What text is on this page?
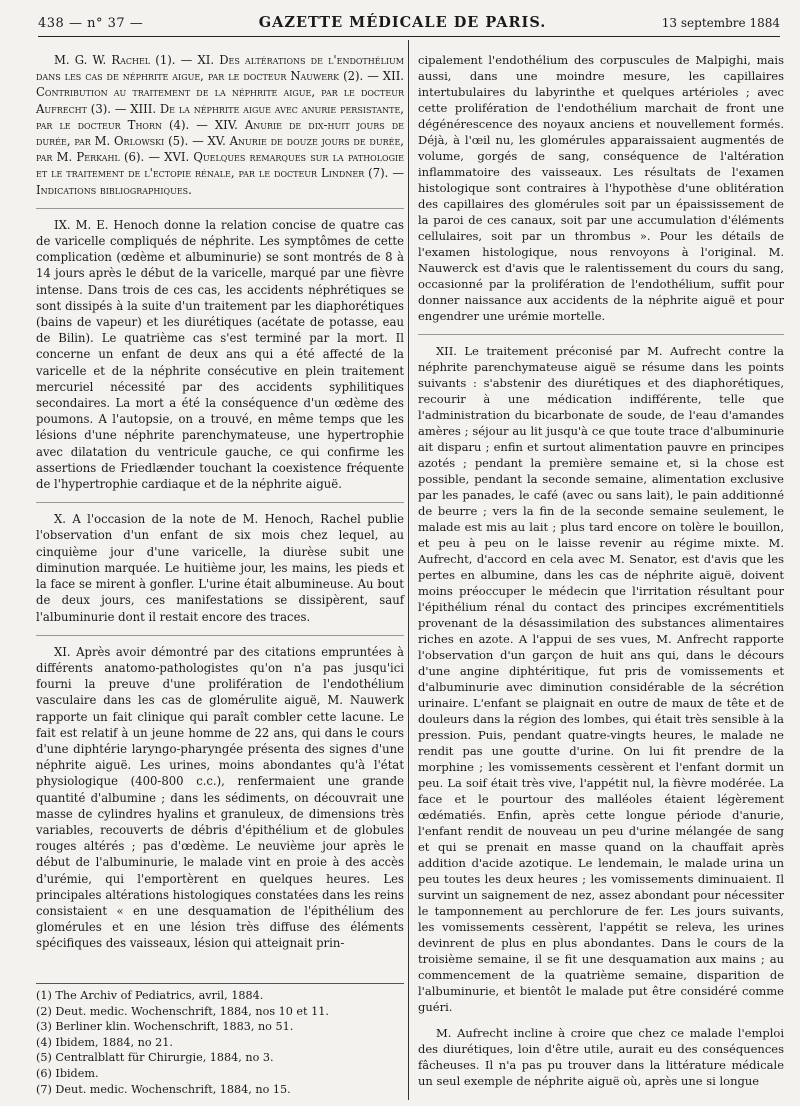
438 — n° 37 —	GAZETTE MÉDICALE DE PARIS.	13 septembre 1884

M. G. W. Rachel (1). — XI. Des altérations de l'endothélium dans les cas de néphrite aigue, par le docteur Nauwerk (2). — XII. Contribution au traitement de la néphrite aigue, par le docteur Aufrecht (3). — XIII. De la néphrite aigue avec anurie persistante, par le docteur Thorn (4). — XIV. Anurie de dix-huit jours de durée, par M. Orlowski (5). — XV. Anurie de douze jours de durée, par M. Perkahl (6). — XVI. Quelques remarques sur la pathologie et le traitement de l'ectopie rénale, par le docteur Lindner (7). — Indications bibliographiques.

IX. M. E. Henoch donne la relation concise de quatre cas de varicelle compliqués de néphrite. Les symptômes de cette complication (œdème et albuminurie) se sont montrés de 8 à 14 jours après le début de la varicelle, marqué par une fièvre intense. Dans trois de ces cas, les accidents néphrétiques se sont dissipés à la suite d'un traitement par les diaphorétiques (bains de vapeur) et les diurétiques (acétate de potasse, eau de Bilin). Le quatrième cas s'est terminé par la mort. Il concerne un enfant de deux ans qui a été affecté de la varicelle et de la néphrite consécutive en plein traitement mercuriel nécessité par des accidents syphilitiques secondaires. La mort a été la conséquence d'un œdème des poumons. A l'autopsie, on a trouvé, en même temps que les lésions d'une néphrite parenchymateuse, une hypertrophie avec dilatation du ventricule gauche, ce qui confirme les assertions de Friedlænder touchant la coexistence fréquente de l'hypertrophie cardiaque et de la néphrite aiguë.

X. A l'occasion de la note de M. Henoch, Rachel publie l'observation d'un enfant de six mois chez lequel, au cinquième jour d'une varicelle, la diurèse subit une diminution marquée. Le huitième jour, les mains, les pieds et la face se mirent à gonfler. L'urine était albumineuse. Au bout de deux jours, ces manifestations se dissipèrent, sauf l'albuminurie dont il restait encore des traces.

XI. Après avoir démontré par des citations empruntées à différents anatomo-pathologistes qu'on n'a pas jusqu'ici fourni la preuve d'une prolifération de l'endothélium vasculaire dans les cas de glomérulite aiguë, M. Nauwerk rapporte un fait clinique qui paraît combler cette lacune. Le fait est relatif à un jeune homme de 22 ans, qui dans le cours d'une diphtérie laryngo-pharyngée présenta des signes d'une néphrite aiguë. Les urines, moins abondantes qu'à l'état physiologique (400-800 c.c.), renfermaient une grande quantité d'albumine ; dans les sédiments, on découvrait une masse de cylindres hyalins et granuleux, de dimensions très variables, recouverts de débris d'épithélium et de globules rouges altérés ; pas d'œdème. Le neuvième jour après le début de l'albuminurie, le malade vint en proie à des accès d'urémie, qui l'emportèrent en quelques heures. Les principales altérations histologiques constatées dans les reins consistaient « en une desquamation de l'épithélium des glomérules et en une lésion très diffuse des éléments spécifiques des vaisseaux, lésion qui atteignait prin-

(1) The Archiv of Pediatrics, avril, 1884.
(2) Deut. medic. Wochenschrift, 1884, nos 10 et 11.
(3) Berliner klin. Wochenschrift, 1883, no 51.
(4) Ibidem, 1884, no 21.
(5) Centralblatt für Chirurgie, 1884, no 3.
(6) Ibidem.
(7) Deut. medic. Wochenschrift, 1884, no 15.

cipalement l'endothélium des corpuscules de Malpighi, mais aussi, dans une moindre mesure, les capillaires intertubulaires du labyrinthe et quelques artérioles ; avec cette prolifération de l'endothélium marchait de front une dégénérescence des noyaux anciens et nouvellement formés. Déjà, à l'œil nu, les glomérules apparaissaient augmentés de volume, gorgés de sang, conséquence de l'altération inflammatoire des vaisseaux. Les résultats de l'examen histologique sont contraires à l'hypothèse d'une oblitération des capillaires des glomérules soit par un épaississement de la paroi de ces canaux, soit par une accumulation d'éléments cellulaires, soit par un thrombus ». Pour les détails de l'examen histologique, nous renvoyons à l'original. M. Nauwerck est d'avis que le ralentissement du cours du sang, occasionné par la prolifération de l'endothélium, suffit pour donner naissance aux accidents de la néphrite aiguë et pour engendrer une urémie mortelle.

XII. Le traitement préconisé par M. Aufrecht contre la néphrite parenchymateuse aiguë se résume dans les points suivants : s'abstenir des diurétiques et des diaphorétiques, recourir à une médication indifférente, telle que l'administration du bicarbonate de soude, de l'eau d'amandes amères ; séjour au lit jusqu'à ce que toute trace d'albuminurie ait disparu ; enfin et surtout alimentation pauvre en principes azotés ; pendant la première semaine et, si la chose est possible, pendant la seconde semaine, alimentation exclusive par les panades, le café (avec ou sans lait), le pain additionné de beurre ; vers la fin de la seconde semaine seulement, le malade est mis au lait ; plus tard encore on tolère le bouillon, et peu à peu on le laisse revenir au régime mixte. M. Aufrecht, d'accord en cela avec M. Senator, est d'avis que les pertes en albumine, dans les cas de néphrite aiguë, doivent moins préoccuper le médecin que l'irritation résultant pour l'épithélium rénal du contact des principes excrémentitiels provenant de la désassimilation des substances alimentaires riches en azote. A l'appui de ses vues, M. Anfrecht rapporte l'observation d'un garçon de huit ans qui, dans le décours d'une angine diphtéritique, fut pris de vomissements et d'albuminurie avec diminution considérable de la sécrétion urinaire. L'enfant se plaignait en outre de maux de tête et de douleurs dans la région des lombes, qui était très sensible à la pression. Puis, pendant quatre-vingts heures, le malade ne rendit pas une goutte d'urine. On lui fit prendre de la morphine ; les vomissements cessèrent et l'enfant dormit un peu. La soif était très vive, l'appétit nul, la fièvre modérée. La face et le pourtour des malléoles étaient légèrement œdématiés. Enfin, après cette longue période d'anurie, l'enfant rendit de nouveau un peu d'urine mélangée de sang et qui se prenait en masse quand on la chauffait après addition d'acide azotique. Le lendemain, le malade urina un peu toutes les deux heures ; les vomissements diminuaient. Il survint un saignement de nez, assez abondant pour nécessiter le tamponnement au perchlorure de fer. Les jours suivants, les vomissements cessèrent, l'appétit se releva, les urines devinrent de plus en plus abondantes. Dans le cours de la troisième semaine, il se fit une desquamation aux mains ; au commencement de la quatrième semaine, disparition de l'albuminurie, et bientôt le malade put être considéré comme guéri.

M. Aufrecht incline à croire que chez ce malade l'emploi des diurétiques, loin d'être utile, aurait eu des conséquences fâcheuses. Il n'a pas pu trouver dans la littérature médicale un seul exemple de néphrite aiguë où, après une si longue
